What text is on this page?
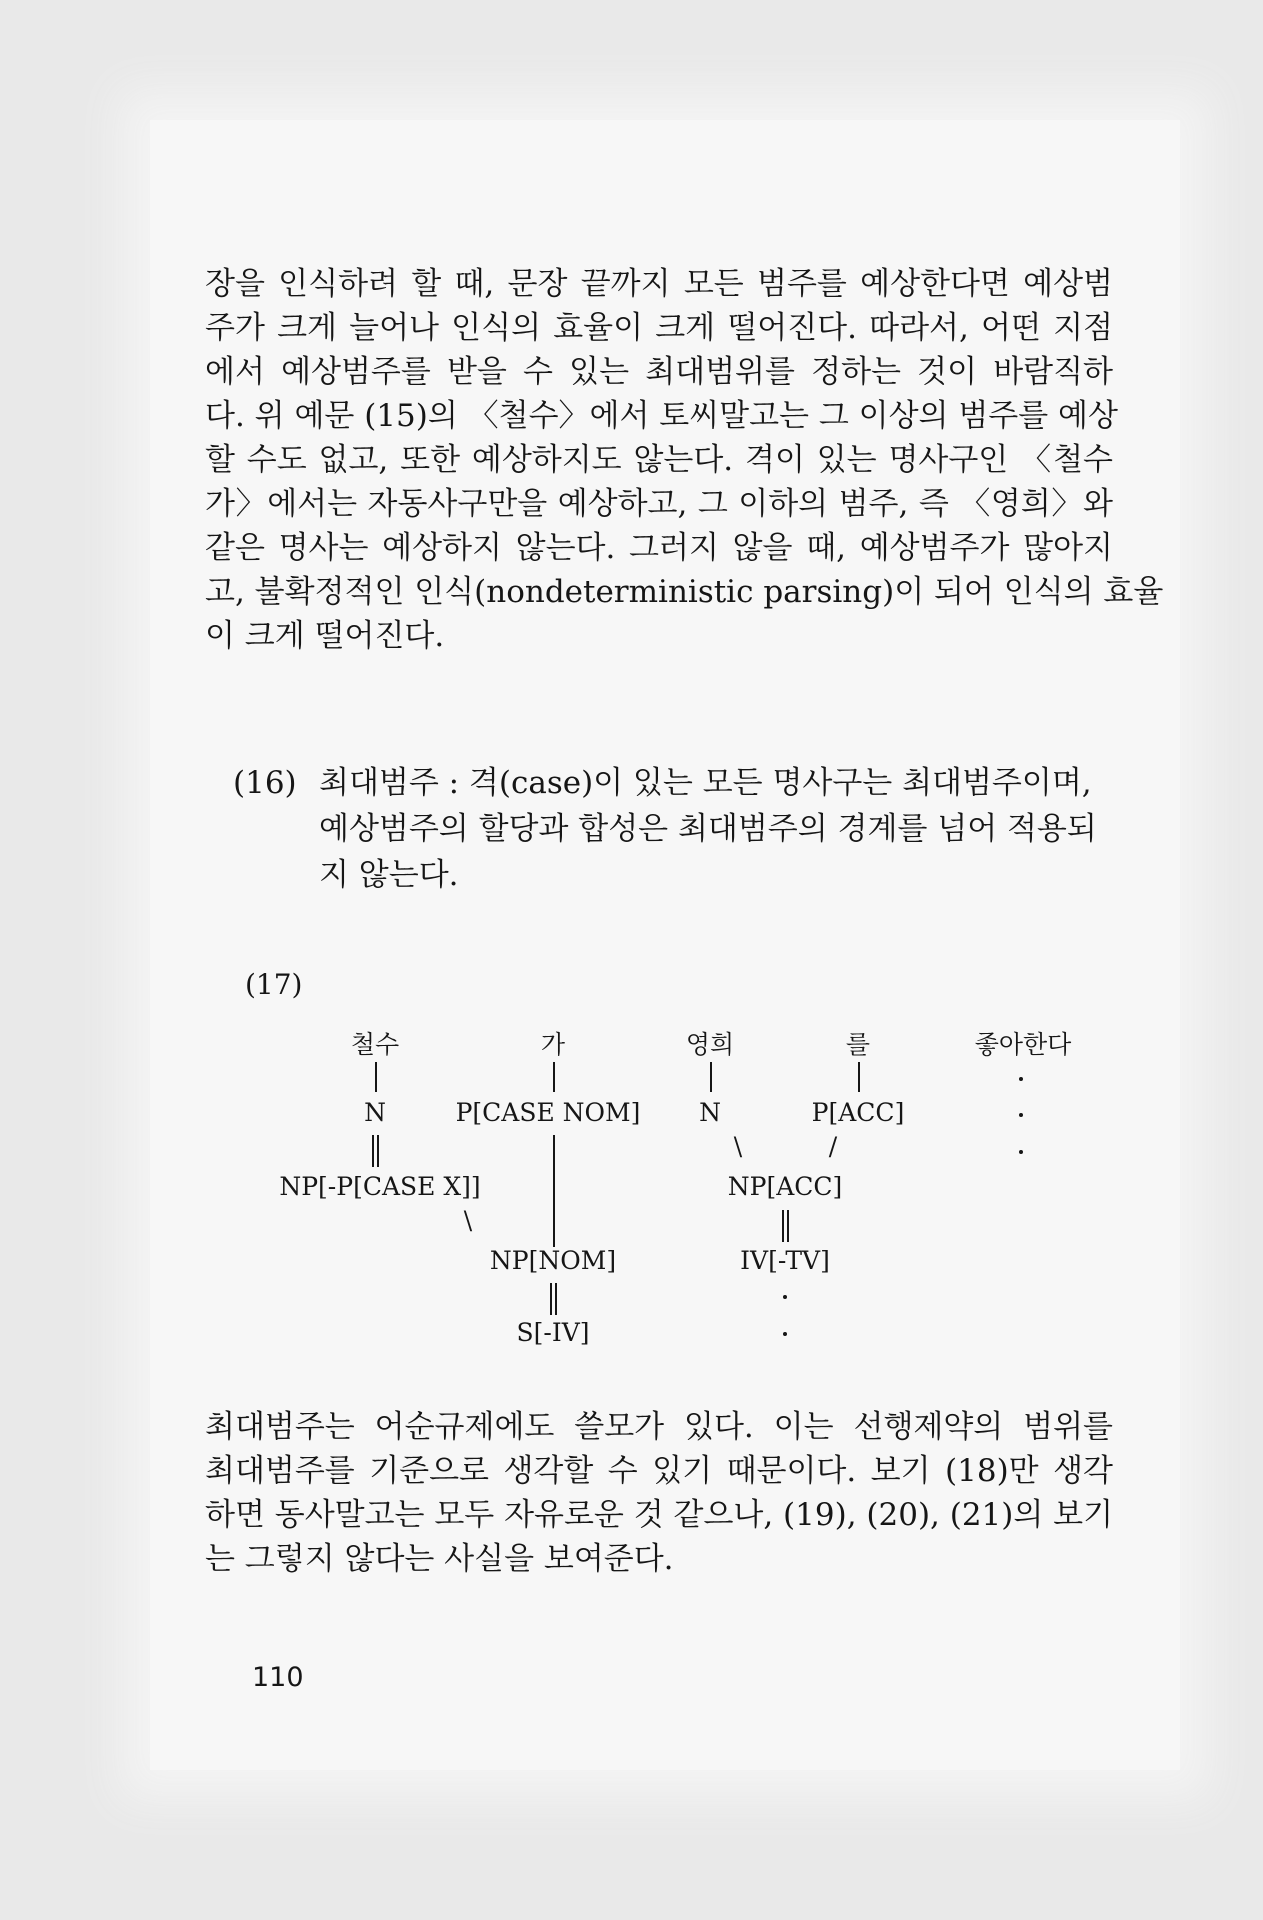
장을 인식하려 할 때, 문장 끝까지 모든 범주를 예상한다면 예상범
주가 크게 늘어나 인식의 효율이 크게 떨어진다. 따라서, 어떤 지점
에서 예상범주를 받을 수 있는 최대범위를 정하는 것이 바람직하
다. 위 예문 (15)의 〈철수〉에서 토씨말고는 그 이상의 범주를 예상
할 수도 없고, 또한 예상하지도 않는다. 격이 있는 명사구인 〈철수
가〉에서는 자동사구만을 예상하고, 그 이하의 범주, 즉 〈영희〉와
같은 명사는 예상하지 않는다. 그러지 않을 때, 예상범주가 많아지
고, 불확정적인 인식(nondeterministic parsing)이 되어 인식의 효율
이 크게 떨어진다.
(16) 최대범주 : 격(case)이 있는 모든 명사구는 최대범주이며,
예상범주의 할당과 합성은 최대범주의 경계를 넘어 적용되
지 않는다.
(17)
철수	가	영희	를	좋아한다
N	P[CASE NOM] N	P[ACC]
\	/
NP[-P[CASE X]]	NP[ACC]
\
NP[NOM]	IV[-TV]
S[-IV]
최대범주는 어순규제에도 쓸모가 있다. 이는 선행제약의 범위를
최대범주를 기준으로 생각할 수 있기 때문이다. 보기 (18)만 생각
하면 동사말고는 모두 자유로운 것 같으나, (19), (20), (21)의 보기
는 그렇지 않다는 사실을 보여준다.
110
